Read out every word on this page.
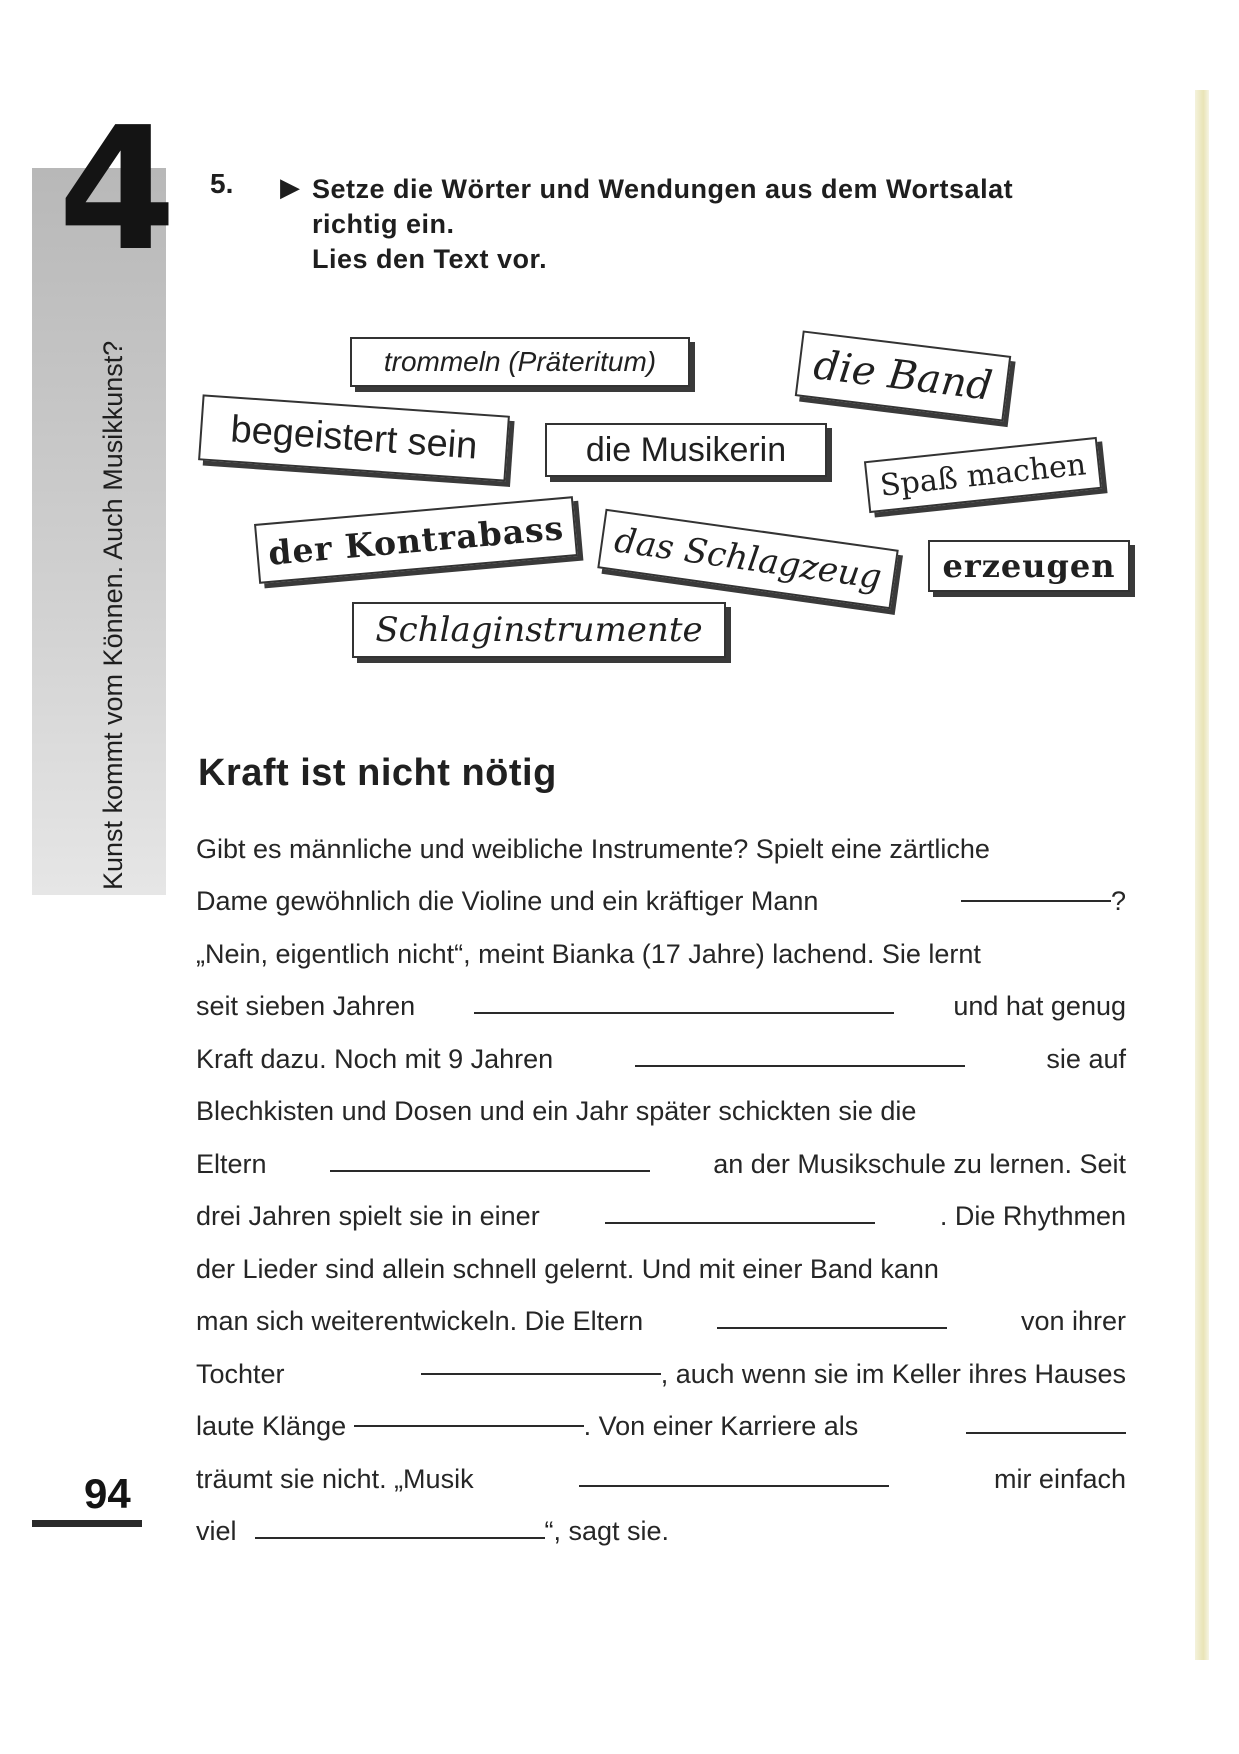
4
Kunst kommt vom Können. Auch Musikkunst?
94
5. ▶ Setze die Wörter und Wendungen aus dem Wortsalat
richtig ein.
Lies den Text vor.
trommeln (Präteritum)	die Band
begeistert sein	die Musikerin	Spaß machen
der Kontrabass	das Schlagzeug	erzeugen
Schlaginstrumente
Kraft ist nicht nötig
Gibt es männliche und weibliche Instrumente? Spielt eine zärtliche
Dame gewöhnlich die Violine und ein kräftiger Mann	?
„Nein, eigentlich nicht“, meint Bianka (17 Jahre) lachend. Sie lernt
seit sieben Jahren	und hat genug
Kraft dazu. Noch mit 9 Jahren	sie auf
Blechkisten und Dosen und ein Jahr später schickten sie die
Eltern	an der Musikschule zu lernen. Seit
drei Jahren spielt sie in einer	. Die Rhythmen
der Lieder sind allein schnell gelernt. Und mit einer Band kann
man sich weiterentwickeln. Die Eltern	von ihrer
Tochter	, auch wenn sie im Keller ihres Hauses
laute Klänge	. Von einer Karriere als
träumt sie nicht. „Musik	mir einfach
viel	“, sagt sie.
